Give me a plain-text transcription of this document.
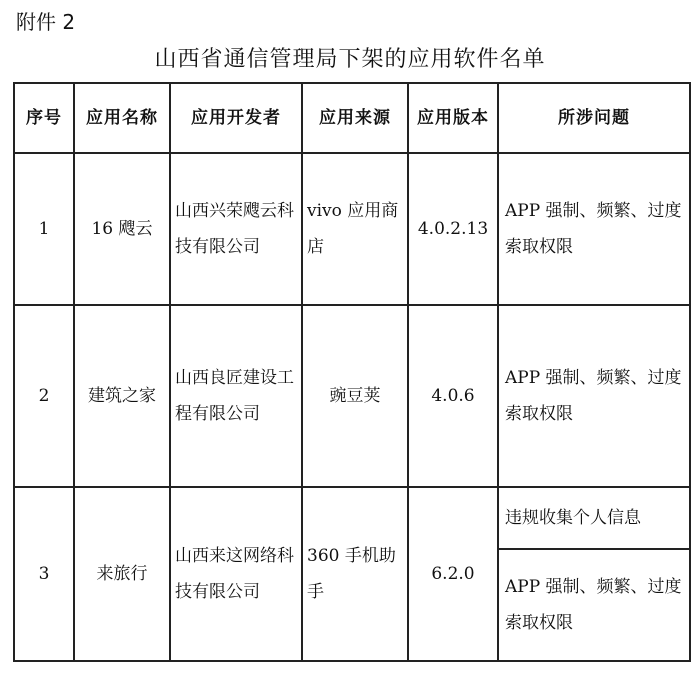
附件 2
山西省通信管理局下架的应用软件名单
序号	应用名称	应用开发者	应用来源	应用版本	所涉问题
1	16 飕云	山西兴荣飕云科技有限公司	vivo 应用商店	4.0.2.13	APP 强制、频繁、过度索取权限
2	建筑之家	山西良匠建设工程有限公司	豌豆荚	4.0.6	APP 强制、频繁、过度索取权限
3	来旅行	山西来这网络科技有限公司	360 手机助手	6.2.0	违规收集个人信息
					APP 强制、频繁、过度索取权限
